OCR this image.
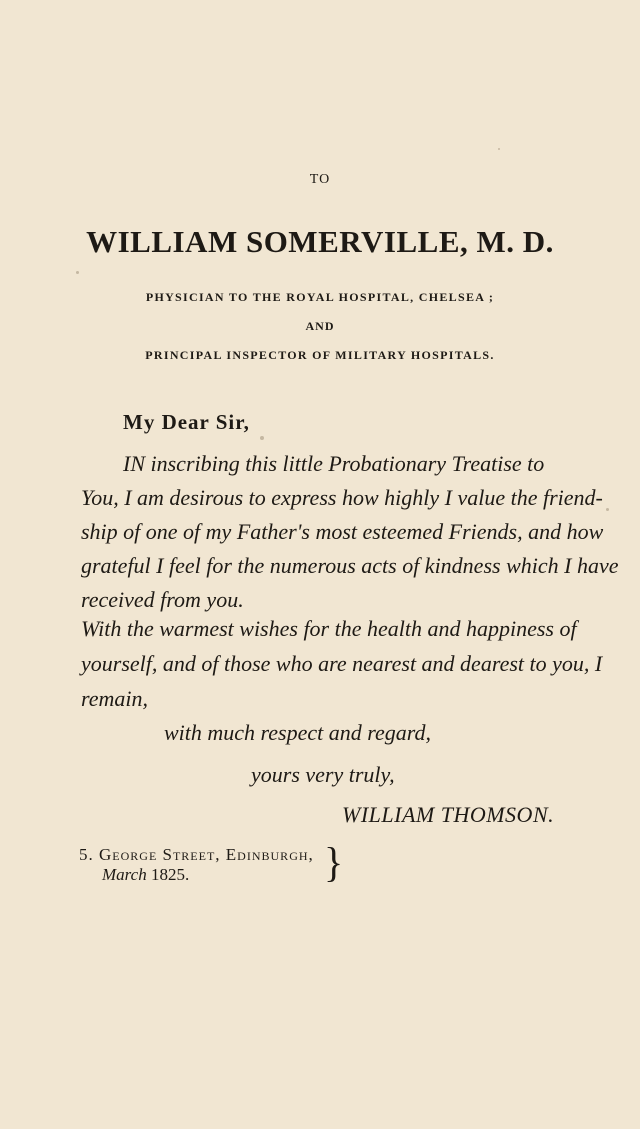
TO
WILLIAM SOMERVILLE, M. D.
PHYSICIAN TO THE ROYAL HOSPITAL, CHELSEA ;
AND
PRINCIPAL INSPECTOR OF MILITARY HOSPITALS.
My Dear Sir,
IN inscribing this little Probationary Treatise to
You, I am desirous to express how highly I value the friend-
ship of one of my Father's most esteemed Friends, and how
grateful I feel for the numerous acts of kindness which I have
received from you.
With the warmest wishes for the health and happiness of
yourself, and of those who are nearest and dearest to you, I
remain,
with much respect and regard,
yours very truly,
WILLIAM THOMSON.
5. George Street, Edinburgh,
March 1825.	}
